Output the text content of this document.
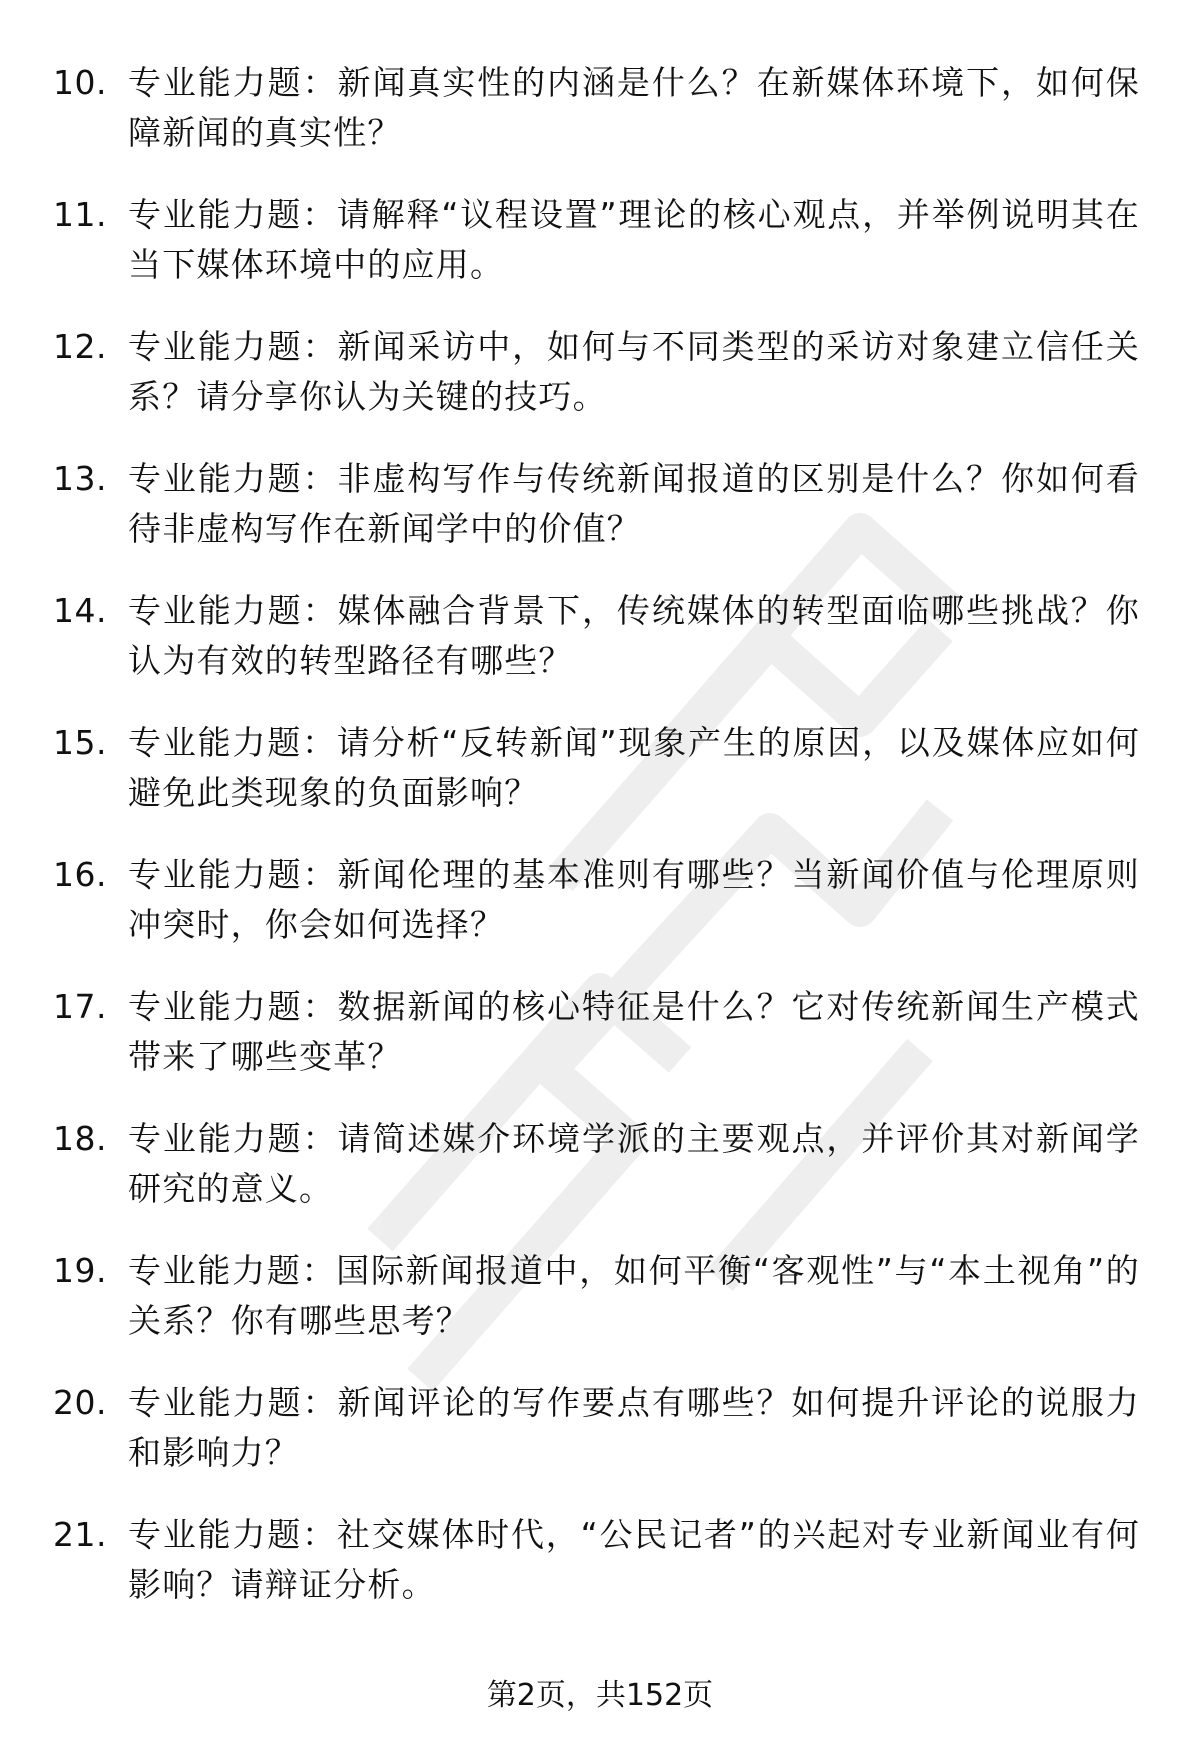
10. 专业能力题：新闻真实性的内涵是什么？在新媒体环境下，如何保障新闻的真实性？
11. 专业能力题：请解释“议程设置”理论的核心观点，并举例说明其在当下媒体环境中的应用。
12. 专业能力题：新闻采访中，如何与不同类型的采访对象建立信任关系？请分享你认为关键的技巧。
13. 专业能力题：非虚构写作与传统新闻报道的区别是什么？你如何看待非虚构写作在新闻学中的价值？
14. 专业能力题：媒体融合背景下，传统媒体的转型面临哪些挑战？你认为有效的转型路径有哪些？
15. 专业能力题：请分析“反转新闻”现象产生的原因，以及媒体应如何避免此类现象的负面影响？
16. 专业能力题：新闻伦理的基本准则有哪些？当新闻价值与伦理原则冲突时，你会如何选择？
17. 专业能力题：数据新闻的核心特征是什么？它对传统新闻生产模式带来了哪些变革？
18. 专业能力题：请简述媒介环境学派的主要观点，并评价其对新闻学研究的意义。
19. 专业能力题：国际新闻报道中，如何平衡“客观性”与“本土视角”的关系？你有哪些思考？
20. 专业能力题：新闻评论的写作要点有哪些？如何提升评论的说服力和影响力？
21. 专业能力题：社交媒体时代，“公民记者”的兴起对专业新闻业有何影响？请辩证分析。
第2页，共152页
